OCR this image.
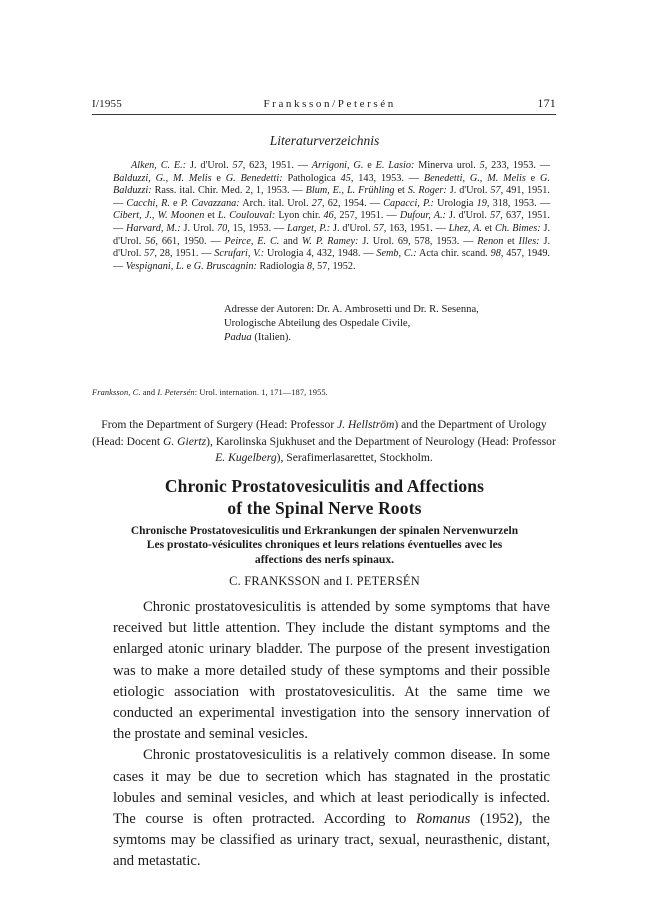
I/1955	Franksson/Petersén	171
Literaturverzeichnis
Alken, C. E.: J. d'Urol. 57, 623, 1951. — Arrigoni, G. e E. Lasio: Minerva urol. 5, 233, 1953. — Balduzzi, G., M. Melis e G. Benedetti: Pathologica 45, 143, 1953. — Benedetti, G., M. Melis e G. Balduzzi: Rass. ital. Chir. Med. 2, 1, 1953. — Blum, E., L. Frühling et S. Roger: J. d'Urol. 57, 491, 1951. — Cacchi, R. e P. Cavazzana: Arch. ital. Urol. 27, 62, 1954. — Capacci, P.: Urologia 19, 318, 1953. — Cibert, J., W. Moonen et L. Coulouval: Lyon chir. 46, 257, 1951. — Dufour, A.: J. d'Urol. 57, 637, 1951. — Harvard, M.: J. Urol. 70, 15, 1953. — Larget, P.: J. d'Urol. 57, 163, 1951. — Lhez, A. et Ch. Bimes: J. d'Urol. 56, 661, 1950. — Peirce, E. C. and W. P. Ramey: J. Urol. 69, 578, 1953. — Renon et Illes: J. d'Urol. 57, 28, 1951. — Scrufari, V.: Urologia 4, 432, 1948. — Semb, C.: Acta chir. scand. 98, 457, 1949. — Vespignani, L. e G. Bruscagnin: Radiologia 8, 57, 1952.
Adresse der Autoren: Dr. A. Ambrosetti und Dr. R. Sesenna,
Urologische Abteilung des Ospedale Civile,
Padua (Italien).
Franksson, C. and I. Petersén: Urol. internation. 1, 171—187, 1955.
From the Department of Surgery (Head: Professor J. Hellström) and the Department of Urology (Head: Docent G. Giertz), Karolinska Sjukhuset and the Department of Neurology (Head: Professor E. Kugelberg), Serafimerlasarettet, Stockholm.
Chronic Prostatovesiculitis and Affections
of the Spinal Nerve Roots
Chronische Prostatovesiculitis und Erkrankungen der spinalen Nervenwurzeln
Les prostato-vésiculites chroniques et leurs relations éventuelles avec les
affections des nerfs spinaux.
C. FRANKSSON and I. PETERSÉN

Chronic prostatovesiculitis is attended by some symptoms that have received but little attention. They include the distant symptoms and the enlarged atonic urinary bladder. The purpose of the present investigation was to make a more detailed study of these symptoms and their possible etiologic association with prostatovesiculitis. At the same time we conducted an experimental investigation into the sensory innervation of the prostate and seminal vesicles.

Chronic prostatovesiculitis is a relatively common disease. In some cases it may be due to secretion which has stagnated in the prostatic lobules and seminal vesicles, and which at least periodically is infected. The course is often protracted. According to Romanus (1952), the symtoms may be classified as urinary tract, sexual, neurasthenic, distant, and metastatic.
